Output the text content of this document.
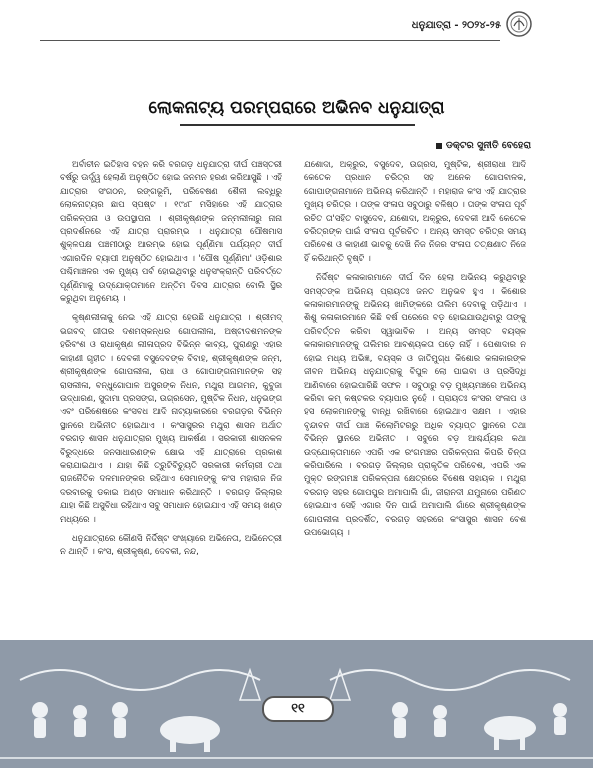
ଧନୁଯାତ୍ରା - ୨୦୨୪-୨୫
ଲୋକନାଟ୍ୟ ପରମ୍ପରାରେ ଅଭିନବ ଧନୁଯାତ୍ରା
ଡକ୍ଟର ସୁନୀତି ବେହେରା

ଅର୍ବାଚୀନ ଇତିହାସ ବହନ କରି ବରଗଡ଼ ଧନୁଯାତ୍ରା ଦୀର୍ଘ ପଞ୍ଚସ୍ତରୀ ବର୍ଷରୁ ଊର୍ଦ୍ଧ୍ୱ ହେଲାଣି ଅନୁଷ୍ଠିତ ହୋଇ ଜନମନ ହରଣ କରିଆସୁଛି । ଏହି ଯାତ୍ରାର ସଂଗଠନ, ରଙ୍ଗଭୂମି, ପରିବେଷଣ ଶୈଳୀ ଲବ୍ଧିରୁ ଲୋକନାଟ୍ୟର ଛାପ ସ୍ପଷ୍ଟ । ୧୯୪୮ ମସିହାରେ ଏହି ଯାତ୍ରାର ପରିକଳ୍ପନା ଓ ଉପସ୍ଥାପନା । ଶ୍ରୀକୃଷ୍ଣଙ୍କ ଜନ୍ମଲୀଳାରୁ ନାନା ପ୍ରଦର୍ଶନରେ ଏହି ଯାତ୍ରା ପ୍ରାରମ୍ଭ । ଧନୁଯାତ୍ରା ପୌଷମାସ ଶୁକ୍ଳପକ୍ଷ ପଞ୍ଚମୀଠାରୁ ଆରମ୍ଭ ହୋଇ ପୂର୍ଣ୍ଣିମା ପର୍ଯ୍ୟନ୍ତ ଦୀର୍ଘ ଏଗାରଦିନ ବ୍ୟାପୀ ଅନୁଷ୍ଠିତ ହୋଇଥାଏ । 'ପୌଷ ପୂର୍ଣ୍ଣିମା' ଓଡ଼ିଶାର ପଶ୍ଚିମାଞ୍ଚଳର ଏକ ମୁଖ୍ୟ ପର୍ବ ହୋଇଥିବାରୁ ଧନୁସଂକ୍ରାନ୍ତି ପରିବର୍ତ୍ତେ ପୂର୍ଣ୍ଣିମାକୁ ଉଦ୍‌ଯୋକ୍ତାମାନେ ଅନ୍ତିମ ଦିବସ ଯାତ୍ରାର ବୋଲି ସ୍ଥିର କରୁଥିବା ଅନୁମେୟ ।

କୃଷ୍ଣଲୀଳାକୁ ନେଇ ଏହି ଯାତ୍ରା ହେଉଛି ଧନୁଯାତ୍ରା । ଶ୍ରୀମଦ୍ ଭଗବଦ୍ ଗୀତାର ଦଶମସ୍କନ୍ଧର ଗୋପଲୀଳା, ଅଷ୍ଟାଦଶମନଙ୍କ ହରିବଂଶ ଓ ରାଧାକୃଷ୍ଣ ଲୀଳାପ୍ରଦ ବିଭିନ୍ନ କାବ୍ୟ, ପୁରାଣରୁ ଏହାର କାହାଣୀ ଗୃହୀତ । ଦେବକୀ ବସୁଦେବଙ୍କ ବିବାହ, ଶ୍ରୀକୃଷ୍ଣଙ୍କ ଜନ୍ମ, ଶ୍ରୀକୃଷ୍ଣଙ୍କ ଗୋପଲୀଳା, ରାଧା ଓ ଗୋପାଙ୍ଗନାମାନଙ୍କ ସହ ରାସଲୀଳା, ବନ୍ଧୁଗୋପାଳ ଅସୁରଙ୍କ ନିଧନ, ମଥୁରା ଆଗମନ, କୁବୁଜା ଉଦ୍ଧାରଣ, ସୁଦାମା ପ୍ରସଙ୍ଗ, ଉଗ୍ରସେନ, ମୁଷ୍ଟିକ ନିଧନ, ଧନୁଭଙ୍ଗ ଏବଂ ପରିଶେଷରେ କଂସବଧ ଆଦି ନାଟ୍ୟାକାରରେ ବରଗଡ଼ର ବିଭିନ୍ନ ସ୍ଥାନରେ ଅଭିନୀତ ହୋଇଥାଏ । କଂସାସୁରର ମଥୁରା ଶାସନ ଅର୍ଥାତ ବରଗଡ଼ ଶାସନ ଧନୁଯାତ୍ରାର ମୁଖ୍ୟ ଆକର୍ଷଣ । ସରକାରୀ ଶାସନକଳ ବିରୁଦ୍ଧରେ ଜନସାଧାରଣଙ୍କ କ୍ଷୋଭ ଏହି ଯାତ୍ରାରେ ପ୍ରକାଶ କରାଯାଇଥାଏ । ଯାହା କିଛି ତ୍ରୁଟିବିଚ୍ୟୁତି ସରକାରୀ କର୍ମଚାରୀ ତଥା ରାଜନୈତିକ ଦଳମାନଙ୍କର ରହିଥାଏ ସେମାନଙ୍କୁ କଂସ ମହାରାଜ ନିଜ ଦରବାରକୁ ଡକାଇ ଅଣ୍ଡ ସମାଧାନ କରିଥାନ୍ତି । ବରଗଡ଼ ଜିଲ୍ଲାର ଯାହା କିଛି ଅସୁବିଧା ରହିଥାଏ ସବୁ ସମାଧାନ ହୋଇଯାଏ ଏହି ସମୟ ଖଣ୍ଡ ମଧ୍ୟରେ ।

ଧନୁଯାତ୍ରାରେ କୌଣସି ନିର୍ଦ୍ଦିଷ୍ଟ ସଂଖ୍ୟାରେ ଅଭିନେତା, ଅଭିନେତ୍ରୀ ନ ଥାନ୍ତି । କଂସ, ଶ୍ରୀକୃଷ୍ଣ, ଦେବକୀ, ନନ୍ଦ,

ଯଶୋଦା, ଅକ୍ରୁର, ବସୁଦେବ, ଉଗ୍ରସ, ମୁଷ୍ଟିକ, ଶ୍ରୀରାଧା ଆଦି କେତେକ ପ୍ରଧାନ ଚରିତ୍ର ସହ ଅନେକ ଗୋପବାଳକ, ଗୋପାଙ୍ଗନାମାନେ ଅଭିନୟ କରିଥାନ୍ତି । ମହାରାଜ କଂସ ଏହି ଯାତ୍ରାର ମୁଖ୍ୟ ଚରିତ୍ର । ତାଙ୍କ ସଂଳାପ ସବୁଠାରୁ ବଳିଷ୍ଠ । ତାଙ୍କ ସଂଳାପ ପୂର୍ବ ରଚିତ ତା'ସହିତ ବାସୁଦେବ, ଯଶୋଦା, ଅକ୍ରୁର, ଦେବକୀ ଆଦି କେତେକ ଚରିତ୍ରଙ୍କ ପାଇଁ ସଂଳାପ ପୂର୍ବରଚିତ । ଅନ୍ୟ ସମସ୍ତ ଚରିତ୍ର ସମୟ ପରିବେଶ ଓ କାହାଣୀ ଭାବକୁ ଦେଖି ନିଜ ନିଜର ସଂଳାପ ତତ୍କ୍ଷଣାତ ନିଜେ ହିଁ କରିଥାନ୍ତି ବୃଷ୍ଟି ।

ନିର୍ଦ୍ଦିଷ୍ଟ କଳାକାରମାନେ ଦୀର୍ଘ ଦିନ ହେଲା ଅଭିନୟ କରୁଥିବାରୁ ସମସ୍ତଙ୍କ ଅଭିନୟ ପ୍ରାୟତଃ ଜନତ ଅନୁଭବ ହୁଏ । କିଶୋର କଳାକାରମାନଙ୍କୁ ଅଭିନୟ ଖାମିଙ୍କରେ ତାଲିମ ଦେବାକୁ ପଡ଼ିଥାଏ । ଶିଶୁ କଳାକାରମାନେ କିଛି ବର୍ଷ ପରେରେ ବଡ଼ ହୋଇଯାଉଥିବାରୁ ତାଙ୍କୁ ପରିବର୍ତ୍ତନ କରିବା ସ୍ୱାଭାବିକ । ଅନ୍ୟ ସମସ୍ତ ବୟସ୍କ କଳାକାରମାନଙ୍କୁ ତାଲିମର ଆବଶ୍ୟକତା ପଡ଼େ ନାହିଁ । ପେଶାଦାର ନ ହୋଇ ମଧ୍ୟ ଅଭିଜ୍ଞ, ବୟସ୍କ ଓ ଜାତିମୁଗ୍ଧ କିଶୋର କଳାକାରଙ୍କ ଜୀବନ ଅଭିନୟ ଧନୁଯାତ୍ରାକୁ ବିପୁଳ ଲୋ ପାଇବା ଓ ପ୍ରସିଦ୍ଧି ଆଣିବାରେ ହୋଇପାରିଛି ସଫଳ । ସବୁଠାରୁ ବଡ଼ ମୁଖ୍ୟମଞ୍ଚରେ ଅଭିନୟ କରିବା କମ୍ କଷ୍ଟକର ବ୍ୟାପାର ନୁହେଁ । ପ୍ରାୟତଃ କଂସର ସଂଳାପ ଓ ହସ ଲୋକମାନଙ୍କୁ ବାନ୍ଧି ରଖିବାରେ ହୋଇଥାଏ ସକ୍ଷମ । ଏହାର ବୃନ୍ଦାବନ ଦୀର୍ଘ ପାଞ୍ଚ କିଲୋମିଟରରୁ ଅଧିକ ବ୍ୟାପ୍ତ ସ୍ଥାନରେ ତଥା ବିଭିନ୍ନ ସ୍ଥାନରେ ଅଭିନୀତ । ସବୁରେ ବଡ଼ ଆଶ୍ଚର୍ଯ୍ୟର କଥା ଉଦ୍‌ଯୋକ୍ତାମାନେ ଏପରି ଏକ ରଂଗମଞ୍ଚର ପରିକଳ୍ପନା କିପରି ଚିନ୍ତା କରିପାରିଲେ । ବରଗଡ଼ ଜିଲ୍ଲାର ପ୍ରାକୃତିକ ପରିବେଶ, ଏପରି ଏକ ମୁକ୍ତ ରଙ୍ଗମଞ୍ଚ ପରିକଳ୍ପନା କ୍ଷେତ୍ରରେ ବିଶେଷ ସହାୟକ । ମଥୁରା ବରଗଡ଼ ସହର ଗୋପପୁର ଅମାପାଲି ଗାଁ, ଜୀରାନଦୀ ଯମୁନାରେ ପରିଣତ ହୋଇଯାଏ ସେହି ଏଗାର ଦିନ ପାଇଁ ଅମାପାଲି ଗାଁରେ ଶ୍ରୀକୃଷ୍ଣଙ୍କ ଗୋପଲୀଳା ପ୍ରଦର୍ଶିତ, ବରଗଡ଼ ସହରରେ କଂସାସୁର ଶାସନ ବେଶ ଉପଭୋଗ୍ୟ ।

୧୧
